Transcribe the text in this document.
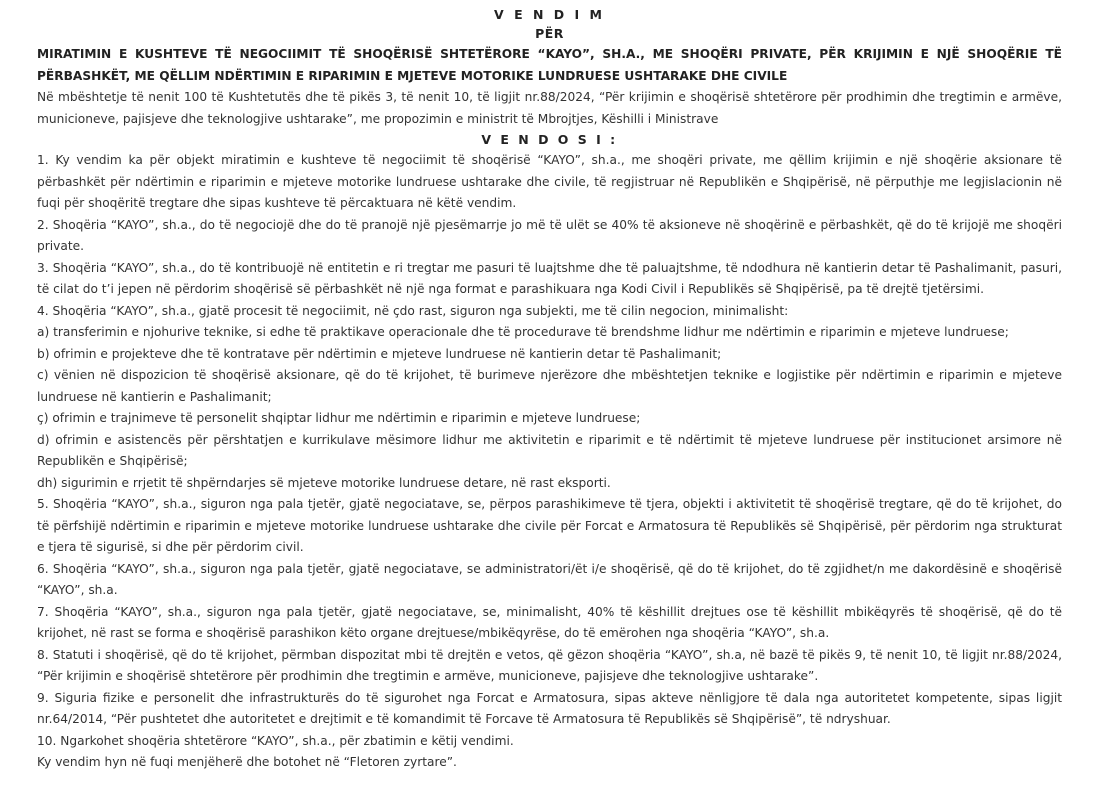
V E N D I M
PËR
MIRATIMIN E KUSHTEVE TË NEGOCIIMIT TË SHOQËRISË SHTETËRORE “KAYO”, SH.A., ME SHOQËRI PRIVATE, PËR KRIJIMIN E NJË SHOQËRIE TË PËRBASHKËT, ME QËLLIM NDËRTIMIN E RIPARIMIN E MJETEVE MOTORIKE LUNDRUESE USHTARAKE DHE CIVILE

Në mbështetje të nenit 100 të Kushtetutës dhe të pikës 3, të nenit 10, të ligjit nr.88/2024, “Për krijimin e shoqërisë shtetërore për prodhimin dhe tregtimin e armëve, municioneve, pajisjeve dhe teknologjive ushtarake”, me propozimin e ministrit të Mbrojtjes, Këshilli i Ministrave

V E N D O S I :

1. Ky vendim ka për objekt miratimin e kushteve të negociimit të shoqërisë “KAYO”, sh.a., me shoqëri private, me qëllim krijimin e një shoqërie aksionare të përbashkët për ndërtimin e riparimin e mjeteve motorike lundruese ushtarake dhe civile, të regjistruar në Republikën e Shqipërisë, në përputhje me legjislacionin në fuqi për shoqëritë tregtare dhe sipas kushteve të përcaktuara në këtë vendim.

2. Shoqëria “KAYO”, sh.a., do të negociojë dhe do të pranojë një pjesëmarrje jo më të ulët se 40% të aksioneve në shoqërinë e përbashkët, që do të krijojë me shoqëri private.

3. Shoqëria “KAYO”, sh.a., do të kontribuojë në entitetin e ri tregtar me pasuri të luajtshme dhe të paluajtshme, të ndodhura në kantierin detar të Pashalimanit, pasuri, të cilat do t’i jepen në përdorim shoqërisë së përbashkët në një nga format e parashikuara nga Kodi Civil i Republikës së Shqipërisë, pa të drejtë tjetërsimi.

4. Shoqëria “KAYO”, sh.a., gjatë procesit të negociimit, në çdo rast, siguron nga subjekti, me të cilin negocion, minimalisht:

a) transferimin e njohurive teknike, si edhe të praktikave operacionale dhe të procedurave të brendshme lidhur me ndërtimin e riparimin e mjeteve lundruese;

b) ofrimin e projekteve dhe të kontratave për ndërtimin e mjeteve lundruese në kantierin detar të Pashalimanit;

c) vënien në dispozicion të shoqërisë aksionare, që do të krijohet, të burimeve njerëzore dhe mbështetjen teknike e logjistike për ndërtimin e riparimin e mjeteve lundruese në kantierin e Pashalimanit;

ç) ofrimin e trajnimeve të personelit shqiptar lidhur me ndërtimin e riparimin e mjeteve lundruese;

d) ofrimin e asistencës për përshtatjen e kurrikulave mësimore lidhur me aktivitetin e riparimit e të ndërtimit të mjeteve lundruese për institucionet arsimore në Republikën e Shqipërisë;

dh) sigurimin e rrjetit të shpërndarjes së mjeteve motorike lundruese detare, në rast eksporti.

5. Shoqëria “KAYO”, sh.a., siguron nga pala tjetër, gjatë negociatave, se, përpos parashikimeve të tjera, objekti i aktivitetit të shoqërisë tregtare, që do të krijohet, do të përfshijë ndërtimin e riparimin e mjeteve motorike lundruese ushtarake dhe civile për Forcat e Armatosura të Republikës së Shqipërisë, për përdorim nga strukturat e tjera të sigurisë, si dhe për përdorim civil.

6. Shoqëria “KAYO”, sh.a., siguron nga pala tjetër, gjatë negociatave, se administratori/ët i/e shoqërisë, që do të krijohet, do të zgjidhet/n me dakordësinë e shoqërisë “KAYO”, sh.a.

7. Shoqëria “KAYO”, sh.a., siguron nga pala tjetër, gjatë negociatave, se, minimalisht, 40% të këshillit drejtues ose të këshillit mbikëqyrës të shoqërisë, që do të krijohet, në rast se forma e shoqërisë parashikon këto organe drejtuese/mbikëqyrëse, do të emërohen nga shoqëria “KAYO”, sh.a.

8. Statuti i shoqërisë, që do të krijohet, përmban dispozitat mbi të drejtën e vetos, që gëzon shoqëria “KAYO”, sh.a, në bazë të pikës 9, të nenit 10, të ligjit nr.88/2024, “Për krijimin e shoqërisë shtetërore për prodhimin dhe tregtimin e armëve, municioneve, pajisjeve dhe teknologjive ushtarake”.

9. Siguria fizike e personelit dhe infrastrukturës do të sigurohet nga Forcat e Armatosura, sipas akteve nënligjore të dala nga autoritetet kompetente, sipas ligjit nr.64/2014, “Për pushtetet dhe autoritetet e drejtimit e të komandimit të Forcave të Armatosura të Republikës së Shqipërisë”, të ndryshuar.

10. Ngarkohet shoqëria shtetërore “KAYO”, sh.a., për zbatimin e këtij vendimi.

Ky vendim hyn në fuqi menjëherë dhe botohet në “Fletoren zyrtare”.
